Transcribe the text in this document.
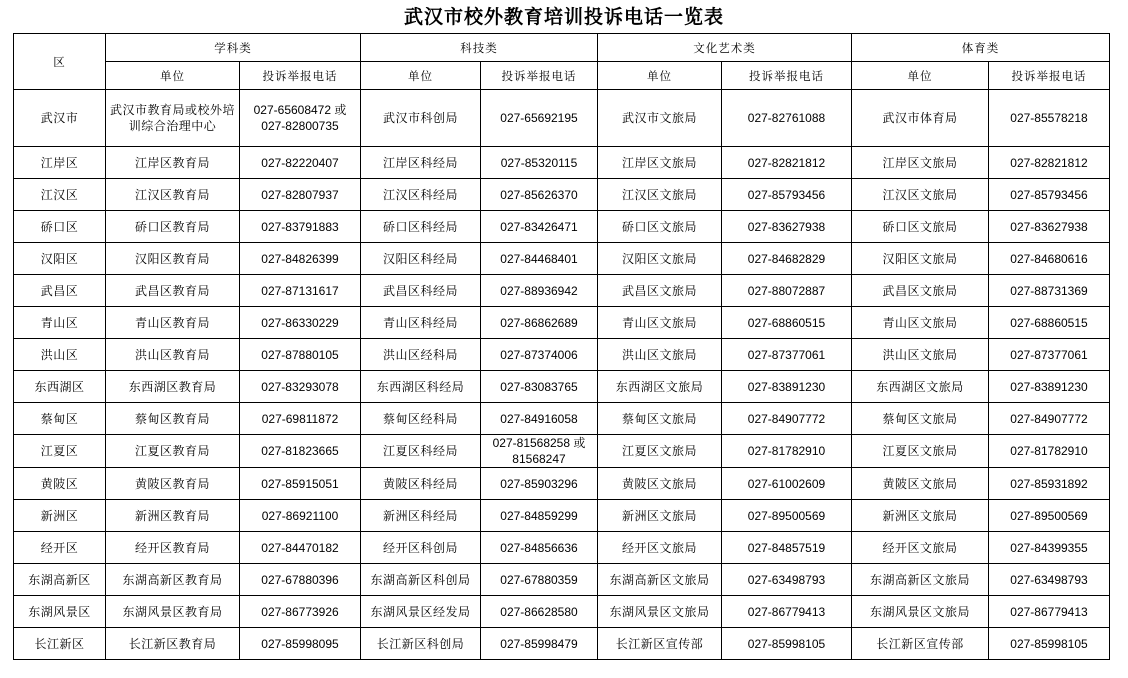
武汉市校外教育培训投诉电话一览表
区	学科类		科技类		文化艺术类		体育类	
	单位	投诉举报电话	单位	投诉举报电话	单位	投诉举报电话	单位	投诉举报电话
武汉市	武汉市教育局或校外培训综合治理中心	027-65608472 或 027-82800735	武汉市科创局	027-65692195	武汉市文旅局	027-82761088	武汉市体育局	027-85578218
江岸区	江岸区教育局	027-82220407	江岸区科经局	027-85320115	江岸区文旅局	027-82821812	江岸区文旅局	027-82821812
江汉区	江汉区教育局	027-82807937	江汉区科经局	027-85626370	江汉区文旅局	027-85793456	江汉区文旅局	027-85793456
硚口区	硚口区教育局	027-83791883	硚口区科经局	027-83426471	硚口区文旅局	027-83627938	硚口区文旅局	027-83627938
汉阳区	汉阳区教育局	027-84826399	汉阳区科经局	027-84468401	汉阳区文旅局	027-84682829	汉阳区文旅局	027-84680616
武昌区	武昌区教育局	027-87131617	武昌区科经局	027-88936942	武昌区文旅局	027-88072887	武昌区文旅局	027-88731369
青山区	青山区教育局	027-86330229	青山区科经局	027-86862689	青山区文旅局	027-68860515	青山区文旅局	027-68860515
洪山区	洪山区教育局	027-87880105	洪山区经科局	027-87374006	洪山区文旅局	027-87377061	洪山区文旅局	027-87377061
东西湖区	东西湖区教育局	027-83293078	东西湖区科经局	027-83083765	东西湖区文旅局	027-83891230	东西湖区文旅局	027-83891230
蔡甸区	蔡甸区教育局	027-69811872	蔡甸区经科局	027-84916058	蔡甸区文旅局	027-84907772	蔡甸区文旅局	027-84907772
江夏区	江夏区教育局	027-81823665	江夏区科经局	027-81568258 或 81568247	江夏区文旅局	027-81782910	江夏区文旅局	027-81782910
黄陂区	黄陂区教育局	027-85915051	黄陂区科经局	027-85903296	黄陂区文旅局	027-61002609	黄陂区文旅局	027-85931892
新洲区	新洲区教育局	027-86921100	新洲区科经局	027-84859299	新洲区文旅局	027-89500569	新洲区文旅局	027-89500569
经开区	经开区教育局	027-84470182	经开区科创局	027-84856636	经开区文旅局	027-84857519	经开区文旅局	027-84399355
东湖高新区	东湖高新区教育局	027-67880396	东湖高新区科创局	027-67880359	东湖高新区文旅局	027-63498793	东湖高新区文旅局	027-63498793
东湖风景区	东湖风景区教育局	027-86773926	东湖风景区经发局	027-86628580	东湖风景区文旅局	027-86779413	东湖风景区文旅局	027-86779413
长江新区	长江新区教育局	027-85998095	长江新区科创局	027-85998479	长江新区宣传部	027-85998105	长江新区宣传部	027-85998105
